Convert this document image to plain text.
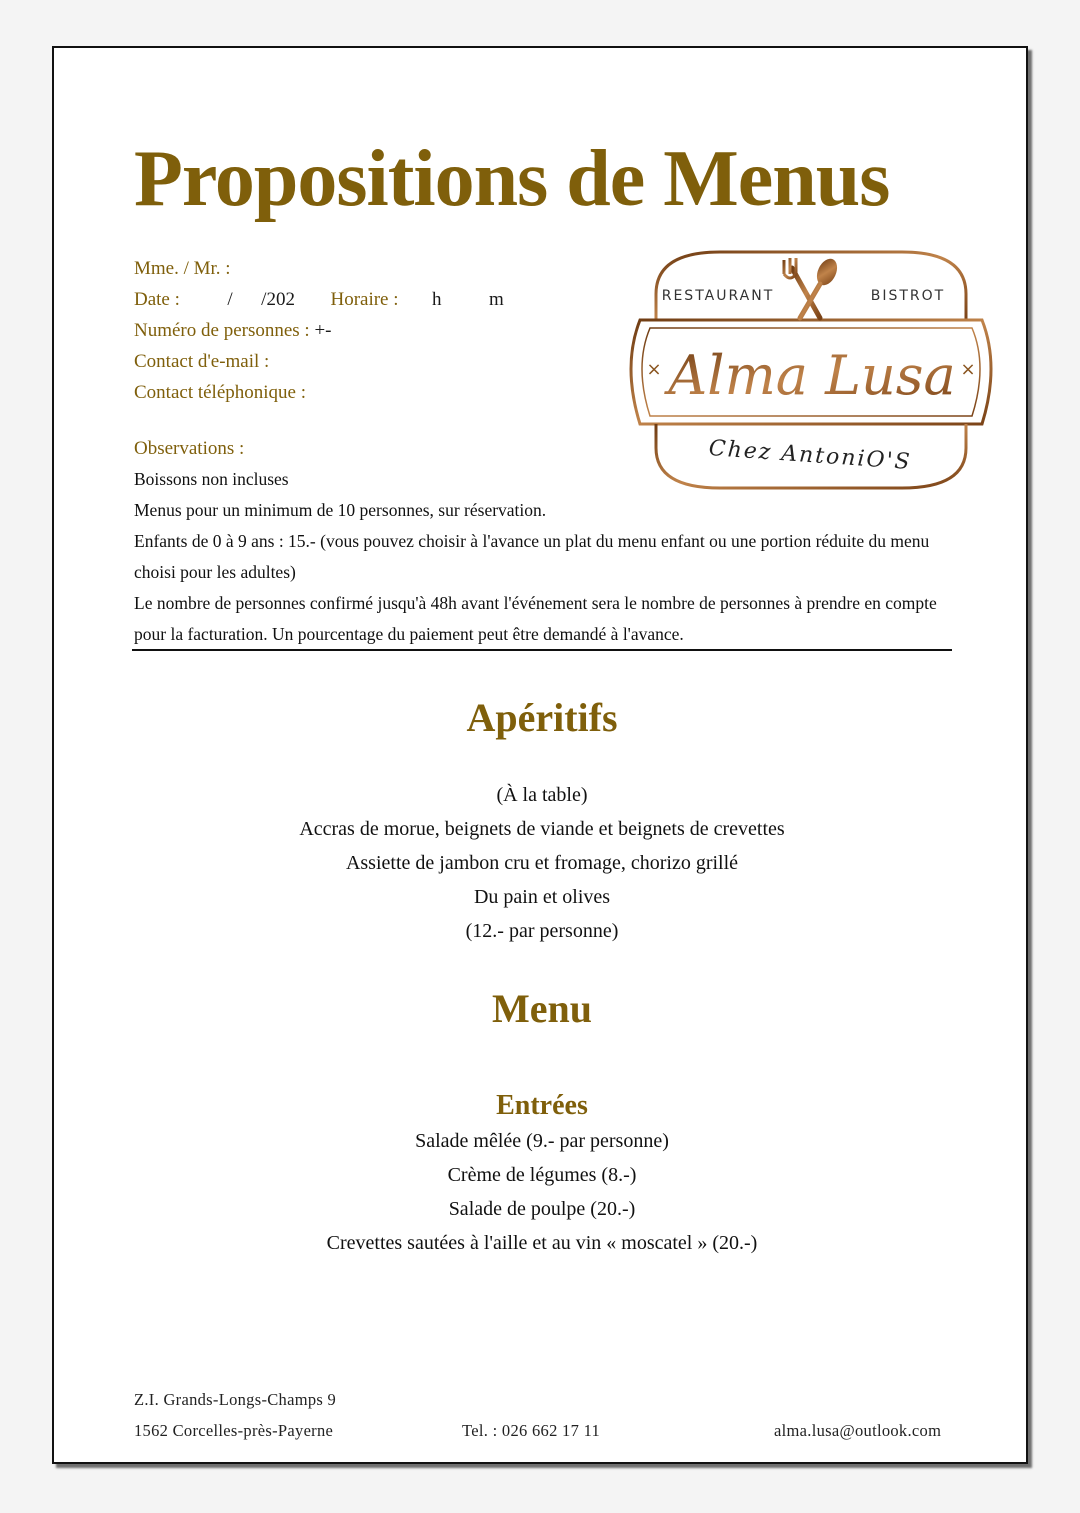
Propositions de Menus
Mme. / Mr. :
Date :	/      /202 Horaire : h	m
Numéro de personnes : +-
Contact d'e-mail :
Contact téléphonique :
RESTAURANT	BISTROT
×	×
Alma Lusa
Chez AntoniO'S
Observations :

Boissons non incluses

Menus pour un minimum de 10 personnes, sur réservation.

Enfants de 0 à 9 ans : 15.- (vous pouvez choisir à l'avance un plat du menu enfant ou une portion réduite du menu choisi pour les adultes)

Le nombre de personnes confirmé jusqu'à 48h avant l'événement sera le nombre de personnes à prendre en compte pour la facturation. Un pourcentage du paiement peut être demandé à l'avance.

Apéritifs
(À la table)
Accras de morue, beignets de viande et beignets de crevettes
Assiette de jambon cru et fromage, chorizo grillé
Du pain et olives
(12.- par personne)
Menu
Entrées
Salade mêlée (9.- par personne)
Crème de légumes (8.-)
Salade de poulpe (20.-)
Crevettes sautées à l'aille et au vin « moscatel » (20.-)
Z.I. Grands-Longs-Champs 9
1562 Corcelles-près-Payerne	Tel. : 026 662 17 11	alma.lusa@outlook.com
